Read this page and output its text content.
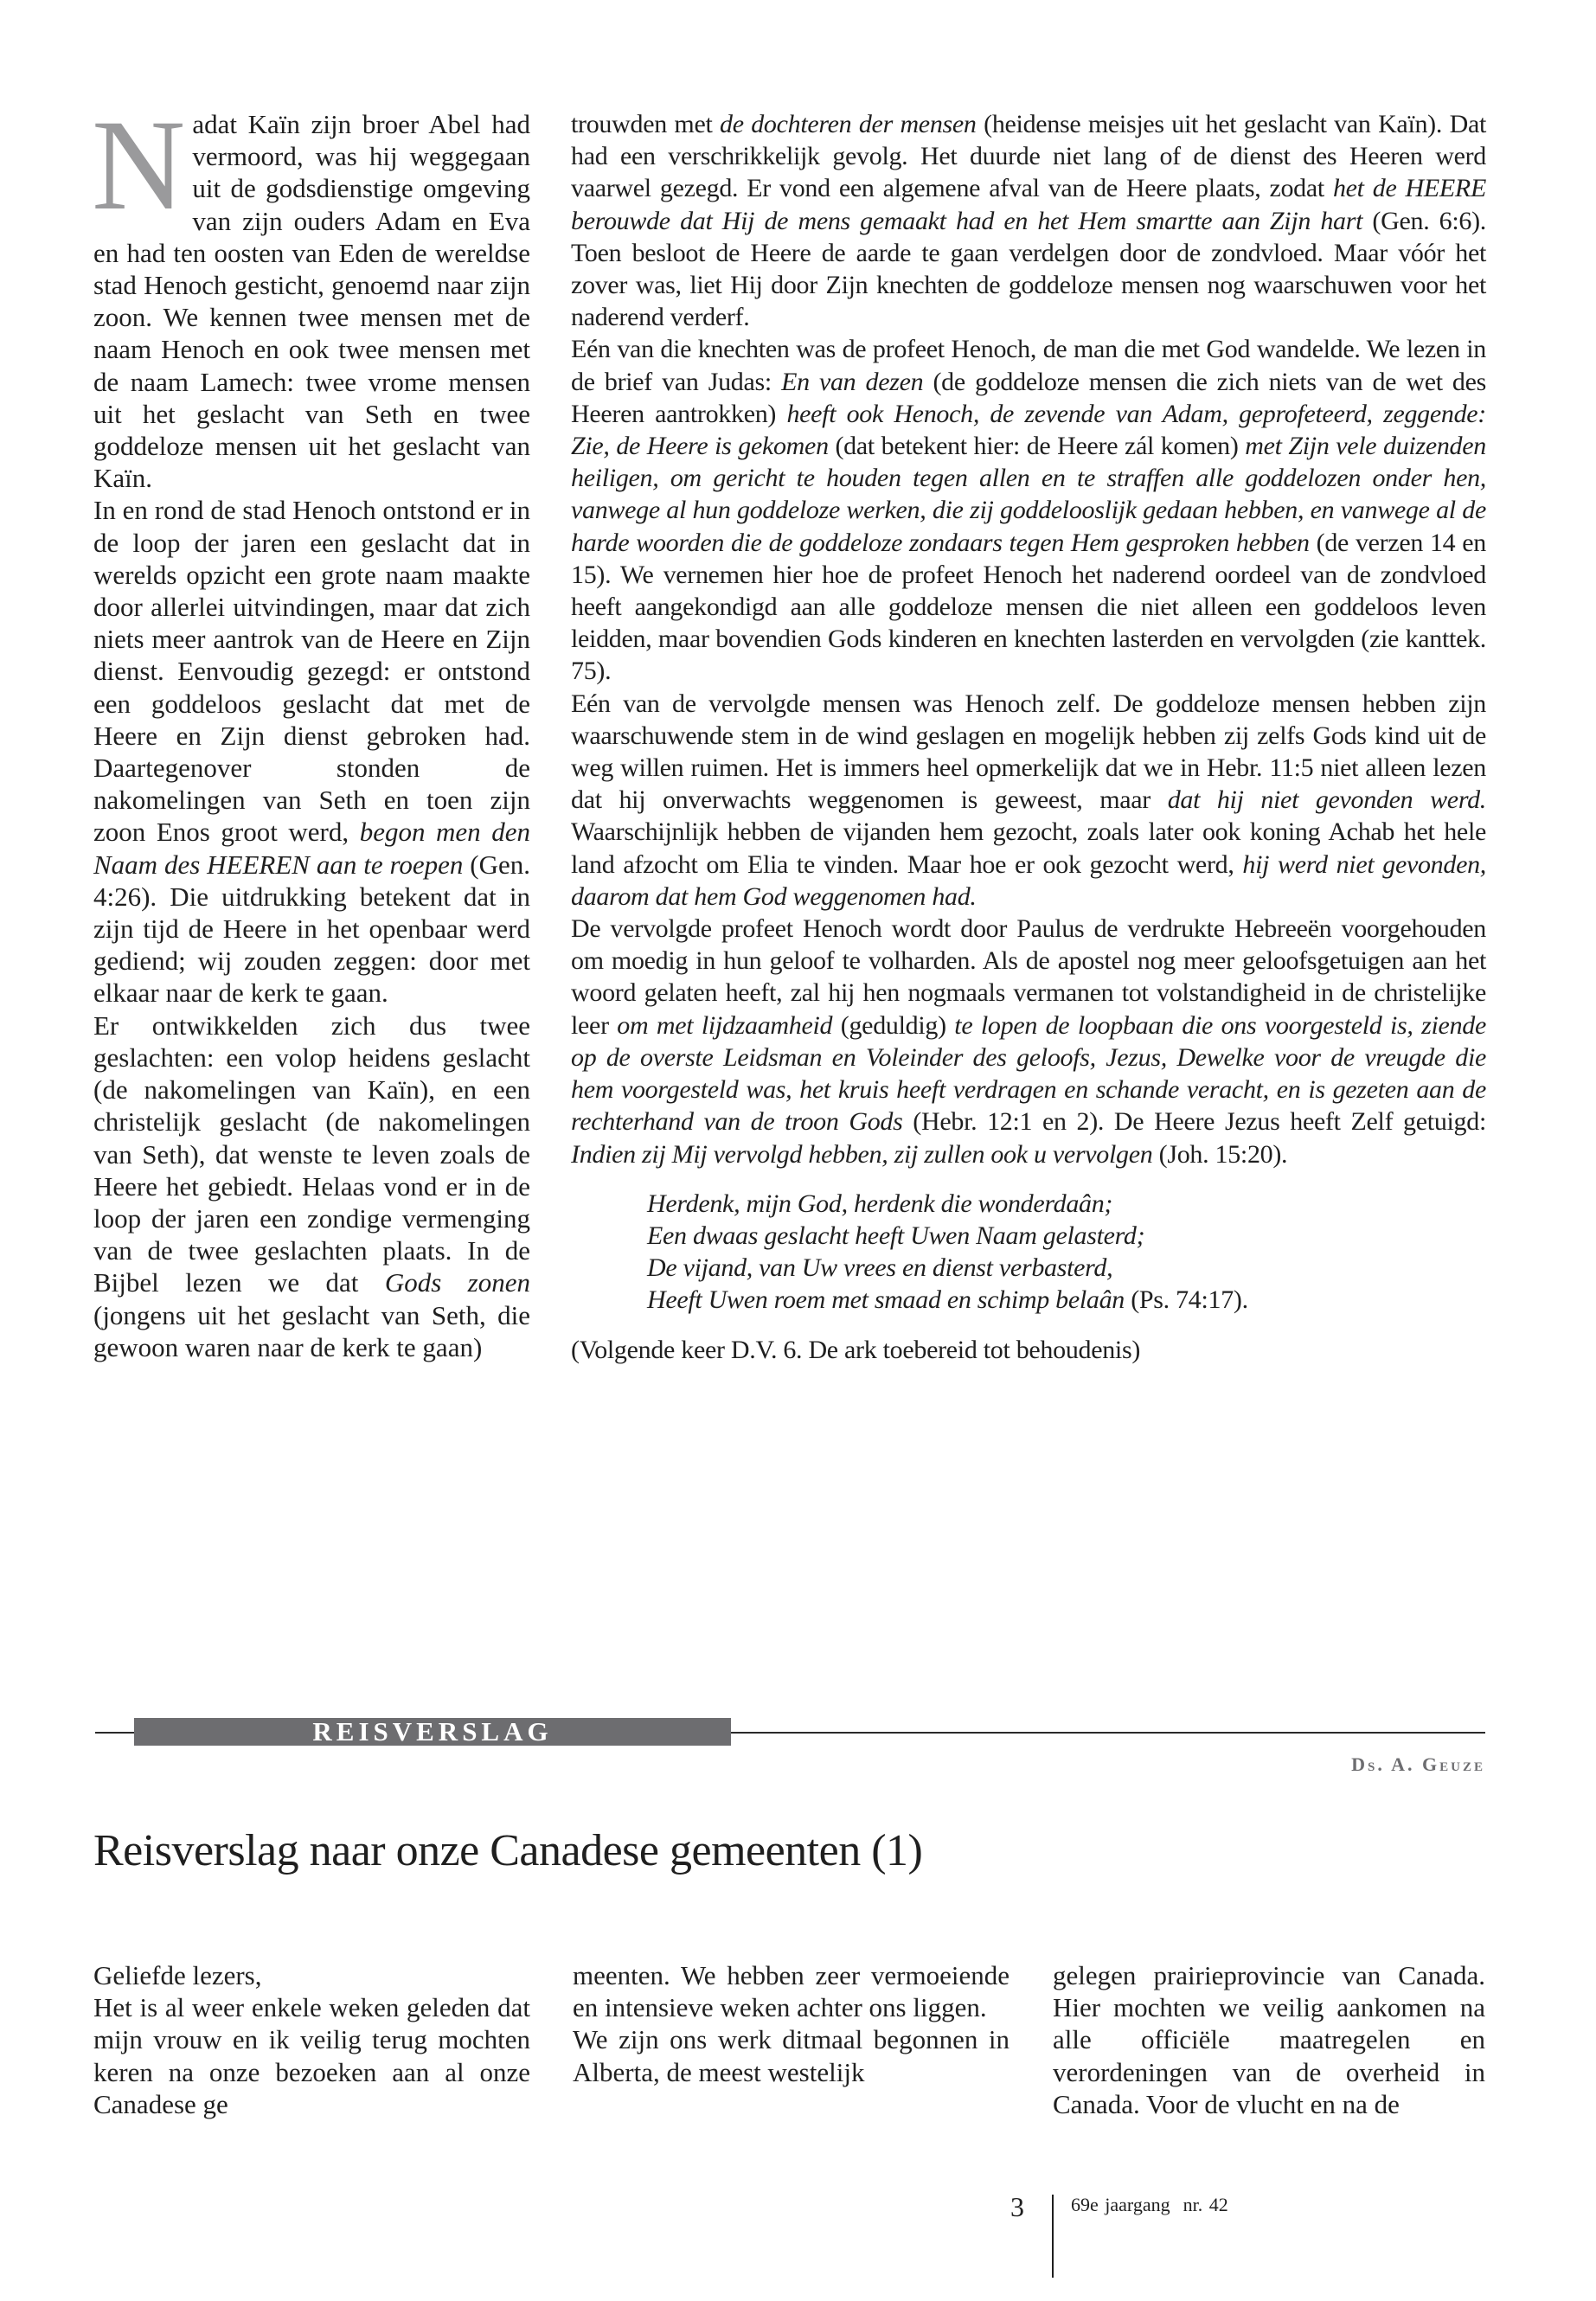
N adat Kaïn zijn broer Abel had vermoord, was hij weggegaan uit de godsdienstige omgeving van zijn ouders Adam en Eva en had ten oosten van Eden de wereldse stad Henoch gesticht, genoemd naar zijn zoon. We kennen twee mensen met de naam Henoch en ook twee mensen met de naam Lamech: twee vrome mensen uit het geslacht van Seth en twee goddeloze mensen uit het geslacht van Kaïn.

In en rond de stad Henoch ontstond er in de loop der jaren een geslacht dat in werelds opzicht een grote naam maakte door allerlei uitvindingen, maar dat zich niets meer aantrok van de Heere en Zijn dienst. Eenvoudig gezegd: er ontstond een goddeloos geslacht dat met de Heere en Zijn dienst gebroken had. Daartegenover stonden de nakomelingen van Seth en toen zijn zoon Enos groot werd, begon men den Naam des HEEREN aan te roepen (Gen. 4:26). Die uitdrukking betekent dat in zijn tijd de Heere in het openbaar werd gediend; wij zouden zeggen: door met elkaar naar de kerk te gaan.

Er ontwikkelden zich dus twee geslachten: een volop heidens geslacht (de nakomelingen van Kaïn), en een christelijk geslacht (de nakomelingen van Seth), dat wenste te leven zoals de Heere het gebiedt. Helaas vond er in de loop der jaren een zondige vermenging van de twee geslachten plaats. In de Bijbel lezen we dat Gods zonen (jongens uit het geslacht van Seth, die gewoon waren naar de kerk te gaan)

trouwden met de dochteren der mensen (heidense meisjes uit het geslacht van Kaïn). Dat had een verschrikkelijk gevolg. Het duurde niet lang of de dienst des Heeren werd vaarwel gezegd. Er vond een algemene afval van de Heere plaats, zodat het de HEERE berouwde dat Hij de mens gemaakt had en het Hem smartte aan Zijn hart (Gen. 6:6). Toen besloot de Heere de aarde te gaan verdelgen door de zondvloed. Maar vóór het zover was, liet Hij door Zijn knechten de goddeloze mensen nog waarschuwen voor het naderend verderf.

Eén van die knechten was de profeet Henoch, de man die met God wandelde. We lezen in de brief van Judas: En van dezen (de goddeloze mensen die zich niets van de wet des Heeren aantrokken) heeft ook Henoch, de zevende van Adam, geprofeteerd, zeggende: Zie, de Heere is gekomen (dat betekent hier: de Heere zál komen) met Zijn vele duizenden heiligen, om gericht te houden tegen allen en te straffen alle goddelozen onder hen, vanwege al hun goddeloze werken, die zij goddelooslijk gedaan hebben, en vanwege al de harde woorden die de goddeloze zondaars tegen Hem gesproken hebben (de verzen 14 en 15). We vernemen hier hoe de profeet Henoch het naderend oordeel van de zondvloed heeft aangekondigd aan alle goddeloze mensen die niet alleen een goddeloos leven leidden, maar bovendien Gods kinderen en knechten lasterden en vervolgden (zie kanttek. 75).

Eén van de vervolgde mensen was Henoch zelf. De goddeloze mensen hebben zijn waarschuwende stem in de wind geslagen en mogelijk hebben zij zelfs Gods kind uit de weg willen ruimen. Het is immers heel opmerkelijk dat we in Hebr. 11:5 niet alleen lezen dat hij onverwachts weggenomen is geweest, maar dat hij niet gevonden werd. Waarschijnlijk hebben de vijanden hem gezocht, zoals later ook koning Achab het hele land afzocht om Elia te vinden. Maar hoe er ook gezocht werd, hij werd niet gevonden, daarom dat hem God weggenomen had.

De vervolgde profeet Henoch wordt door Paulus de verdrukte Hebreeën voorgehouden om moedig in hun geloof te volharden. Als de apostel nog meer geloofsgetuigen aan het woord gelaten heeft, zal hij hen nogmaals vermanen tot volstandigheid in de christelijke leer om met lijdzaamheid (geduldig) te lopen de loopbaan die ons voorgesteld is, ziende op de overste Leidsman en Voleinder des geloofs, Jezus, Dewelke voor de vreugde die hem voorgesteld was, het kruis heeft verdragen en schande veracht, en is gezeten aan de rechterhand van de troon Gods (Hebr. 12:1 en 2). De Heere Jezus heeft Zelf getuigd: Indien zij Mij vervolgd hebben, zij zullen ook u vervolgen (Joh. 15:20).

Herdenk, mijn God, herdenk die wonderdaân;
Een dwaas geslacht heeft Uwen Naam gelasterd;
De vijand, van Uw vrees en dienst verbasterd,
Heeft Uwen roem met smaad en schimp belaân (Ps. 74:17).

(Volgende keer D.V. 6. De ark toebereid tot behoudenis)

REISVERSLAG
Ds. A. Geuze
Reisverslag naar onze Canadese gemeenten (1)

Geliefde lezers,

Het is al weer enkele weken geleden dat mijn vrouw en ik veilig terug mochten keren na onze bezoeken aan al onze Canadese ge

meenten. We hebben zeer vermoeiende en intensieve weken achter ons liggen.

We zijn ons werk ditmaal begonnen in Alberta, de meest westelijk

gelegen prairieprovincie van Canada. Hier mochten we veilig aankomen na alle officiële maatregelen en verordeningen van de overheid in Canada. Voor de vlucht en na de

3 69e jaargang nr. 42
